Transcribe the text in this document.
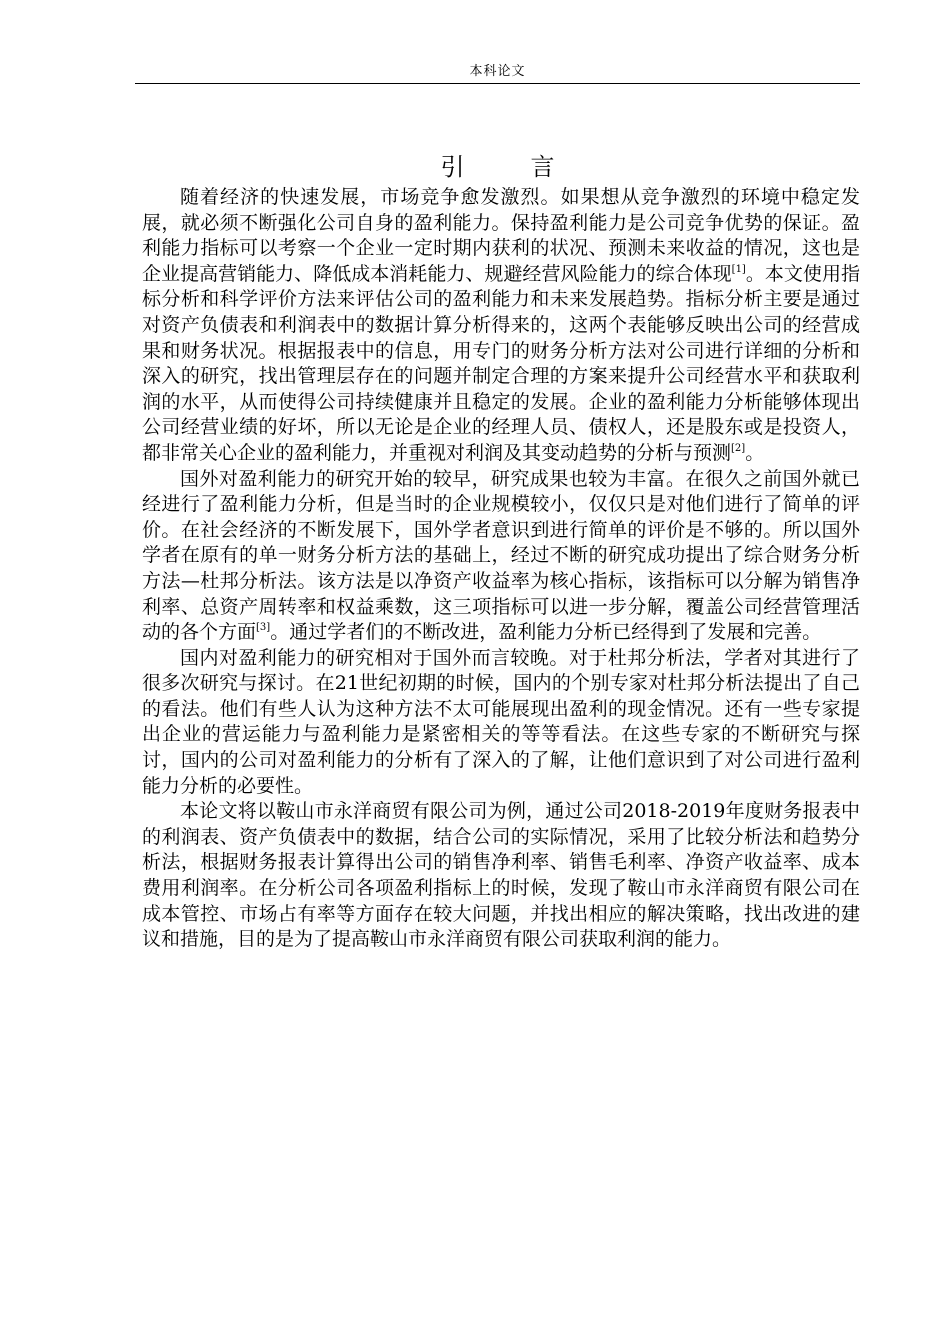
本科论文
引	言

随着经济的快速发展，市场竞争愈发激烈。如果想从竞争激烈的环境中稳定发展，就必须不断强化公司自身的盈利能力。保持盈利能力是公司竞争优势的保证。盈利能力指标可以考察一个企业一定时期内获利的状况、预测未来收益的情况，这也是企业提高营销能力、降低成本消耗能力、规避经营风险能力的综合体现[1]。本文使用指标分析和科学评价方法来评估公司的盈利能力和未来发展趋势。指标分析主要是通过对资产负债表和利润表中的数据计算分析得来的，这两个表能够反映出公司的经营成果和财务状况。根据报表中的信息，用专门的财务分析方法对公司进行详细的分析和深入的研究，找出管理层存在的问题并制定合理的方案来提升公司经营水平和获取利润的水平，从而使得公司持续健康并且稳定的发展。企业的盈利能力分析能够体现出公司经营业绩的好坏，所以无论是企业的经理人员、债权人，还是股东或是投资人，都非常关心企业的盈利能力，并重视对利润及其变动趋势的分析与预测[2]。

国外对盈利能力的研究开始的较早，研究成果也较为丰富。在很久之前国外就已经进行了盈利能力分析，但是当时的企业规模较小，仅仅只是对他们进行了简单的评价。在社会经济的不断发展下，国外学者意识到进行简单的评价是不够的。所以国外学者在原有的单一财务分析方法的基础上，经过不断的研究成功提出了综合财务分析方法—杜邦分析法。该方法是以净资产收益率为核心指标，该指标可以分解为销售净利率、总资产周转率和权益乘数，这三项指标可以进一步分解，覆盖公司经营管理活动的各个方面[3]。通过学者们的不断改进，盈利能力分析已经得到了发展和完善。

国内对盈利能力的研究相对于国外而言较晚。对于杜邦分析法，学者对其进行了很多次研究与探讨。在21世纪初期的时候，国内的个别专家对杜邦分析法提出了自己的看法。他们有些人认为这种方法不太可能展现出盈利的现金情况。还有一些专家提出企业的营运能力与盈利能力是紧密相关的等等看法。在这些专家的不断研究与探讨，国内的公司对盈利能力的分析有了深入的了解，让他们意识到了对公司进行盈利能力分析的必要性。

本论文将以鞍山市永洋商贸有限公司为例，通过公司2018-2019年度财务报表中的利润表、资产负债表中的数据，结合公司的实际情况，采用了比较分析法和趋势分析法，根据财务报表计算得出公司的销售净利率、销售毛利率、净资产收益率、成本费用利润率。在分析公司各项盈利指标上的时候，发现了鞍山市永洋商贸有限公司在成本管控、市场占有率等方面存在较大问题，并找出相应的解决策略，找出改进的建议和措施，目的是为了提高鞍山市永洋商贸有限公司获取利润的能力。
